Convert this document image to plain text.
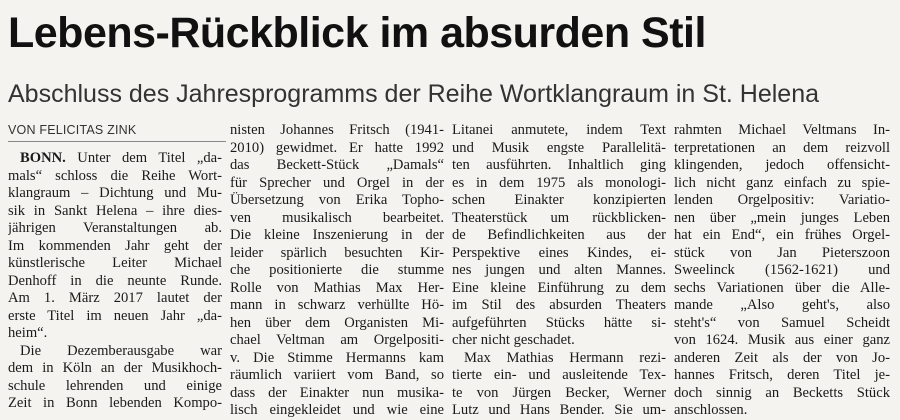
Lebens-Rückblick im absurden Stil
Abschluss des Jahresprogramms der Reihe Wortklangraum in St. Helena
VON FELICITAS ZINK
BONN. Unter dem Titel „da-
mals“ schloss die Reihe Wort-
klangraum – Dichtung und Mu-
sik in Sankt Helena – ihre dies-
jährigen Veranstaltungen ab.
Im kommenden Jahr geht der
künstlerische Leiter Michael
Denhoff in die neunte Runde.
Am 1. März 2017 lautet der
erste Titel im neuen Jahr „da-
heim“.
Die Dezemberausgabe war
dem in Köln an der Musikhoch-
schule lehrenden und einige
Zeit in Bonn lebenden Kompo-
nisten Johannes Fritsch (1941-
2010) gewidmet. Er hatte 1992
das Beckett-Stück „Damals“
für Sprecher und Orgel in der
Übersetzung von Erika Topho-
ven musikalisch bearbeitet.
Die kleine Inszenierung in der
leider spärlich besuchten Kir-
che positionierte die stumme
Rolle von Mathias Max Her-
mann in schwarz verhüllte Hö-
hen über dem Organisten Mi-
chael Veltman am Orgelpositi-
v. Die Stimme Hermanns kam
räumlich variiert vom Band, so
dass der Einakter nun musika-
lisch eingekleidet und wie eine
Litanei anmutete, indem Text
und Musik engste Parallelitä-
ten ausführten. Inhaltlich ging
es in dem 1975 als monologi-
schen Einakter konzipierten
Theaterstück um rückblicken-
de Befindlichkeiten aus der
Perspektive eines Kindes, ei-
nes jungen und alten Mannes.
Eine kleine Einführung zu dem
im Stil des absurden Theaters
aufgeführten Stücks hätte si-
cher nicht geschadet.
Max Mathias Hermann rezi-
tierte ein- und ausleitende Tex-
te von Jürgen Becker, Werner
Lutz und Hans Bender. Sie um-
rahmten Michael Veltmans In-
terpretationen an dem reizvoll
klingenden, jedoch offensicht-
lich nicht ganz einfach zu spie-
lenden Orgelpositiv: Variatio-
nen über „mein junges Leben
hat ein End“, ein frühes Orgel-
stück von Jan Pieterszoon
Sweelinck (1562-1621) und
sechs Variationen über die Alle-
mande „Also geht's, also
steht's“ von Samuel Scheidt
von 1624. Musik aus einer ganz
anderen Zeit als der von Jo-
hannes Fritsch, deren Titel je-
doch sinnig an Becketts Stück
anschlossen.
